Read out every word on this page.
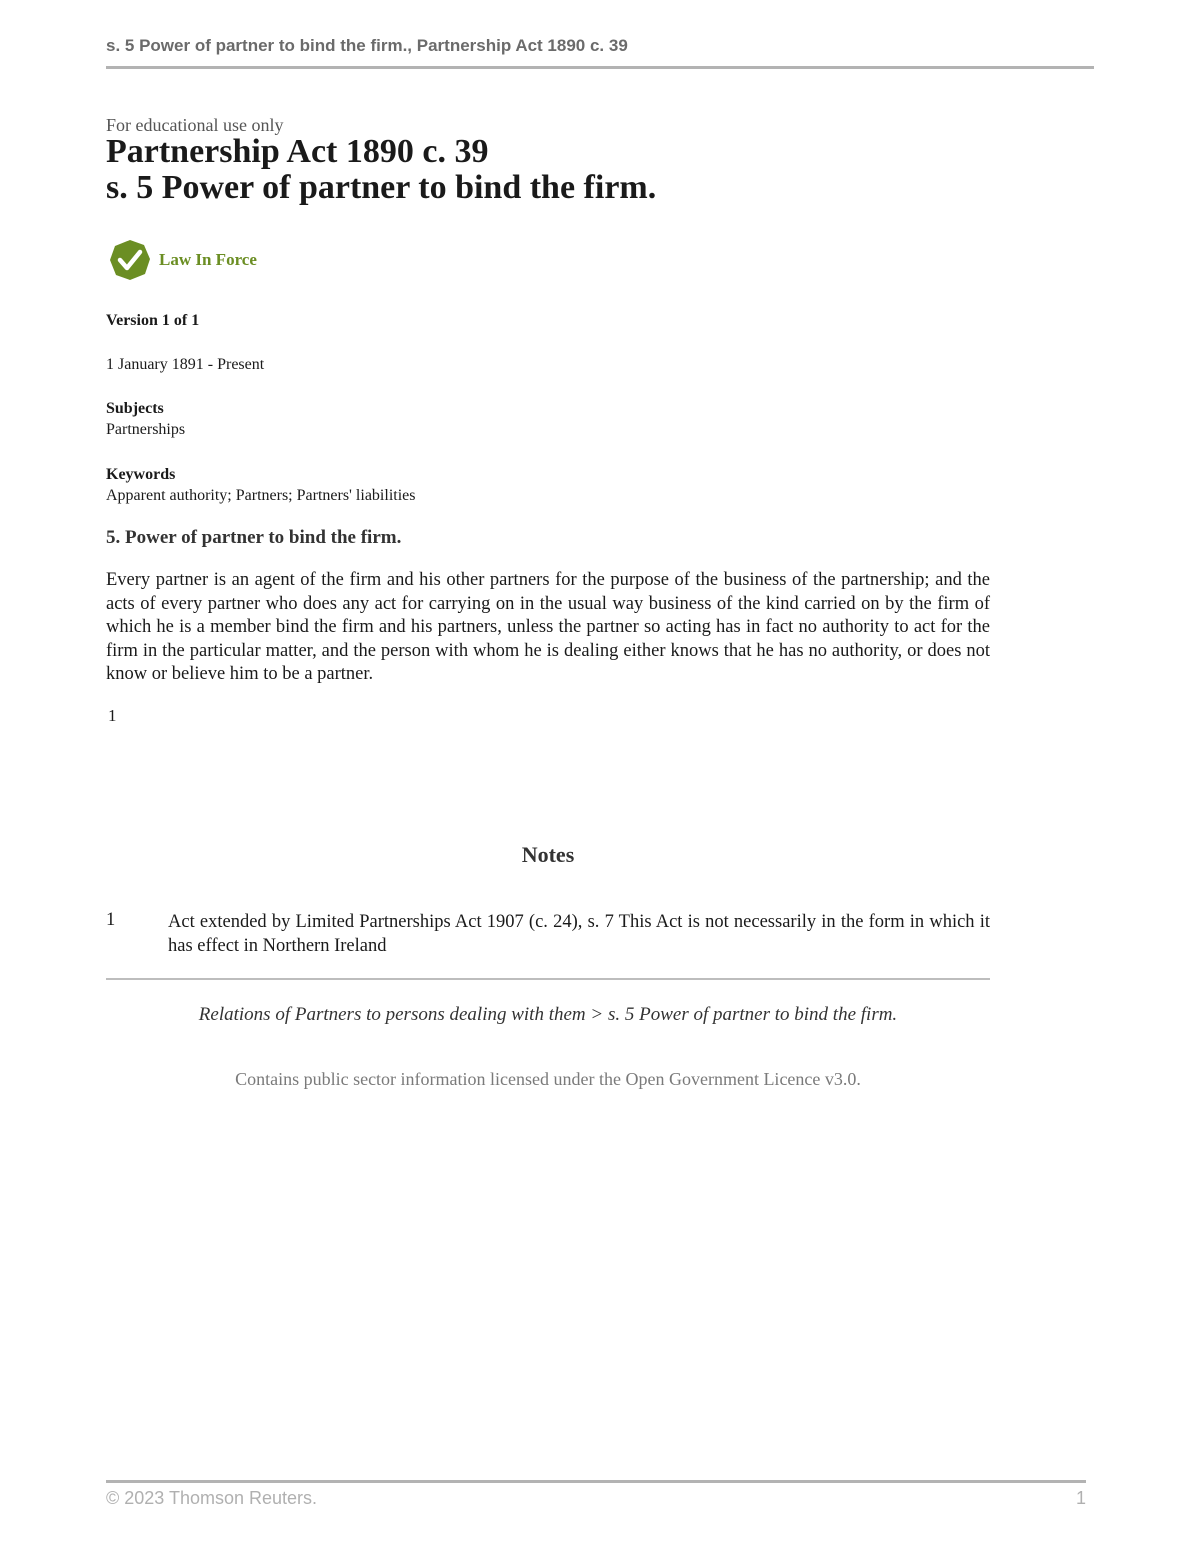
s. 5 Power of partner to bind the firm., Partnership Act 1890 c. 39
For educational use only
Partnership Act 1890 c. 39
s. 5 Power of partner to bind the firm.
Law In Force
Version 1 of 1
1 January 1891 - Present
Subjects
Partnerships
Keywords
Apparent authority; Partners; Partners' liabilities
5. Power of partner to bind the firm.

Every partner is an agent of the firm and his other partners for the purpose of the business of the partnership; and the acts of every partner who does any act for carrying on in the usual way business of the kind carried on by the firm of which he is a member bind the firm and his partners, unless the partner so acting has in fact no authority to act for the firm in the particular matter, and the person with whom he is dealing either knows that he has no authority, or does not know or believe him to be a partner.

1
Notes
1	Act extended by Limited Partnerships Act 1907 (c. 24), s. 7 This Act is not necessarily in the form in which it has effect in Northern Ireland

Relations of Partners to persons dealing with them > s. 5 Power of partner to bind the firm.
Contains public sector information licensed under the Open Government Licence v3.0.
© 2023 Thomson Reuters.	1
